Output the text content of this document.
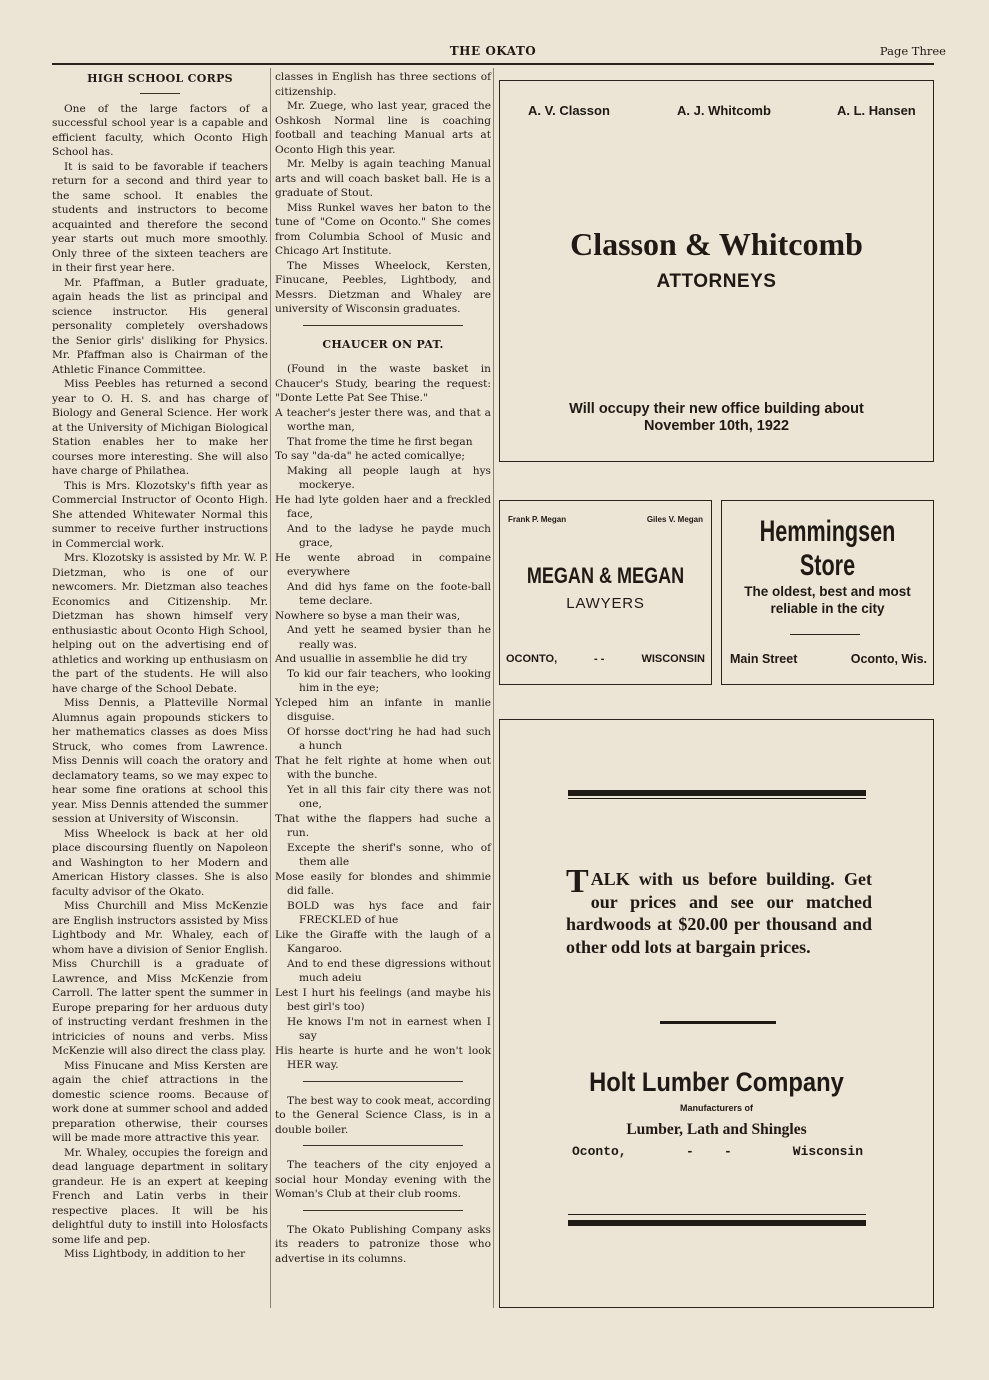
THE OKATO	Page Three
HIGH SCHOOL CORPS

One of the large factors of a successful school year is a capable and efficient faculty, which Oconto High School has.

It is said to be favorable if teachers return for a second and third year to the same school. It enables the students and instructors to become acquainted and therefore the second year starts out much more smoothly. Only three of the sixteen teachers are in their first year here.

Mr. Pfaffman, a Butler graduate, again heads the list as principal and science instructor. His general personality completely overshadows the Senior girls' disliking for Physics. Mr. Pfaffman also is Chairman of the Athletic Finance Committee.

Miss Peebles has returned a second year to O. H. S. and has charge of Biology and General Science. Her work at the University of Michigan Biological Station enables her to make her courses more interesting. She will also have charge of Philathea.

This is Mrs. Klozotsky's fifth year as Commercial Instructor of Oconto High. She attended Whitewater Normal this summer to receive further instructions in Commercial work.

Mrs. Klozotsky is assisted by Mr. W. P. Dietzman, who is one of our newcomers. Mr. Dietzman also teaches Economics and Citizenship. Mr. Dietzman has shown himself very enthusiastic about Oconto High School, helping out on the advertising end of athletics and working up enthusiasm on the part of the students. He will also have charge of the School Debate.

Miss Dennis, a Platteville Normal Alumnus again propounds stickers to her mathematics classes as does Miss Struck, who comes from Lawrence. Miss Dennis will coach the oratory and declamatory teams, so we may expec to hear some fine orations at school this year. Miss Dennis attended the summer session at University of Wisconsin.

Miss Wheelock is back at her old place discoursing fluently on Napoleon and Washington to her Modern and American History classes. She is also faculty advisor of the Okato.

Miss Churchill and Miss McKenzie are English instructors assisted by Miss Lightbody and Mr. Whaley, each of whom have a division of Senior English. Miss Churchill is a graduate of Lawrence, and Miss McKenzie from Carroll. The latter spent the summer in Europe preparing for her arduous duty of instructing verdant freshmen in the intricicies of nouns and verbs. Miss McKenzie will also direct the class play.

Miss Finucane and Miss Kersten are again the chief attractions in the domestic science rooms. Because of work done at summer school and added preparation otherwise, their courses will be made more attractive this year.

Mr. Whaley, occupies the foreign and dead language department in solitary grandeur. He is an expert at keeping French and Latin verbs in their respective places. It will be his delightful duty to instill into Holosfacts some life and pep.

Miss Lightbody, in addition to her

classes in English has three sections of citizenship.

Mr. Zuege, who last year, graced the Oshkosh Normal line is coaching football and teaching Manual arts at Oconto High this year.

Mr. Melby is again teaching Manual arts and will coach basket ball. He is a graduate of Stout.

Miss Runkel waves her baton to the tune of "Come on Oconto." She comes from Columbia School of Music and Chicago Art Institute.

The Misses Wheelock, Kersten, Finucane, Peebles, Lightbody, and Messrs. Dietzman and Whaley are university of Wisconsin graduates.

CHAUCER ON PAT.

(Found in the waste basket in Chaucer's Study, bearing the request: "Donte Lette Pat See Thise."

A teacher's jester there was, and that a worthe man,

That frome the time he first began

To say "da-da" he acted comicallye;

Making all people laugh at hys mockerye.

He had lyte golden haer and a freckled face,

And to the ladyse he payde much grace,

He wente abroad in compaine everywhere

And did hys fame on the foote-ball teme declare.

Nowhere so byse a man their was,

And yett he seamed bysier than he really was.

And usuallie in assemblie he did try

To kid our fair teachers, who looking him in the eye;

Ycleped him an infante in manlie disguise.

Of horsse doct'ring he had had such a hunch

That he felt righte at home when out with the bunche.

Yet in all this fair city there was not one,

That withe the flappers had suche a run.

Excepte the sherif's sonne, who of them alle

Mose easily for blondes and shimmie did falle.

BOLD was hys face and fair FRECKLED of hue

Like the Giraffe with the laugh of a Kangaroo.

And to end these digressions without much adeiu

Lest I hurt his feelings (and maybe his best girl's too)

He knows I'm not in earnest when I say

His hearte is hurte and he won't look HER way.

The best way to cook meat, according to the General Science Class, is in a double boiler.

The teachers of the city enjoyed a social hour Monday evening with the Woman's Club at their club rooms.

The Okato Publishing Company asks its readers to patronize those who advertise in its columns.

A. V. Classon	A. J. Whitcomb	A. L. Hansen
Classon & Whitcomb
ATTORNEYS
Will occupy their new office building about
November 10th, 1922
Frank P. Megan	Giles V. Megan
MEGAN & MEGAN
LAWYERS
OCONTO,	- -	WISCONSIN
Hemmingsen Store
The oldest, best and most
reliable in the city
Main Street	Oconto, Wis.
TALK with us before building. Get our prices and see our matched hardwoods at $20.00 per thousand and other odd lots at bargain prices.
Holt Lumber Company
Manufacturers of
Lumber, Lath and Shingles
Oconto,	- -	Wisconsin
